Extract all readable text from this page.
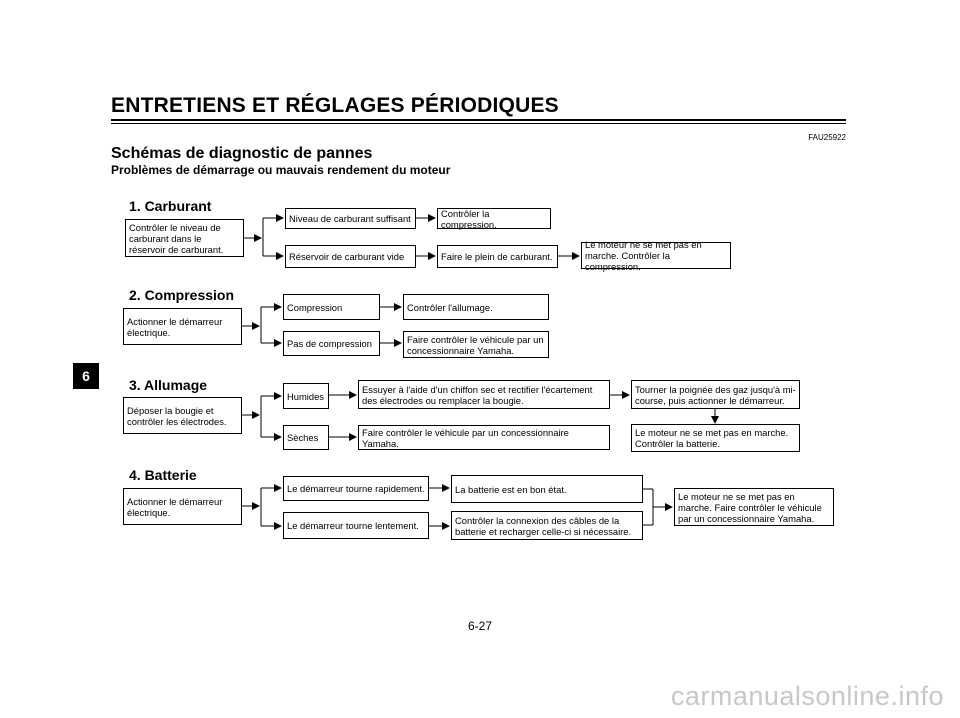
ENTRETIENS ET RÉGLAGES PÉRIODIQUES
FAU25922
Schémas de diagnostic de pannes
Problèmes de démarrage ou mauvais rendement du moteur
6
1. Carburant
Contrôler le niveau de carburant dans le réservoir de carburant.
Niveau de carburant suffisant	Contrôler la compression.
Réservoir de carburant vide	Faire le plein de carburant.
Le moteur ne se met pas en marche. Contrôler la compression.
2. Compression
Actionner le démarreur électrique.
Compression	Contrôler l'allumage.
Pas de compression	Faire contrôler le véhicule par un concessionnaire Yamaha.
3. Allumage
Déposer la bougie et contrôler les électrodes.
Humides
Essuyer à l'aide d'un chiffon sec et rectifier l'écartement des électrodes ou remplacer la bougie.
Tourner la poignée des gaz jusqu'à mi-course, puis actionner le démarreur.
Sèches	Faire contrôler le véhicule par un concessionnaire Yamaha.
Le moteur ne se met pas en marche. Contrôler la batterie.
4. Batterie
Actionner le démarreur électrique.
Le démarreur tourne rapidement.	La batterie est en bon état.
Le démarreur tourne lentement.	Contrôler la connexion des câbles de la batterie et recharger celle-ci si nécessaire.
Le moteur ne se met pas en marche. Faire contrôler le véhicule par un concessionnaire Yamaha.
6-27
carmanualsonline.info
